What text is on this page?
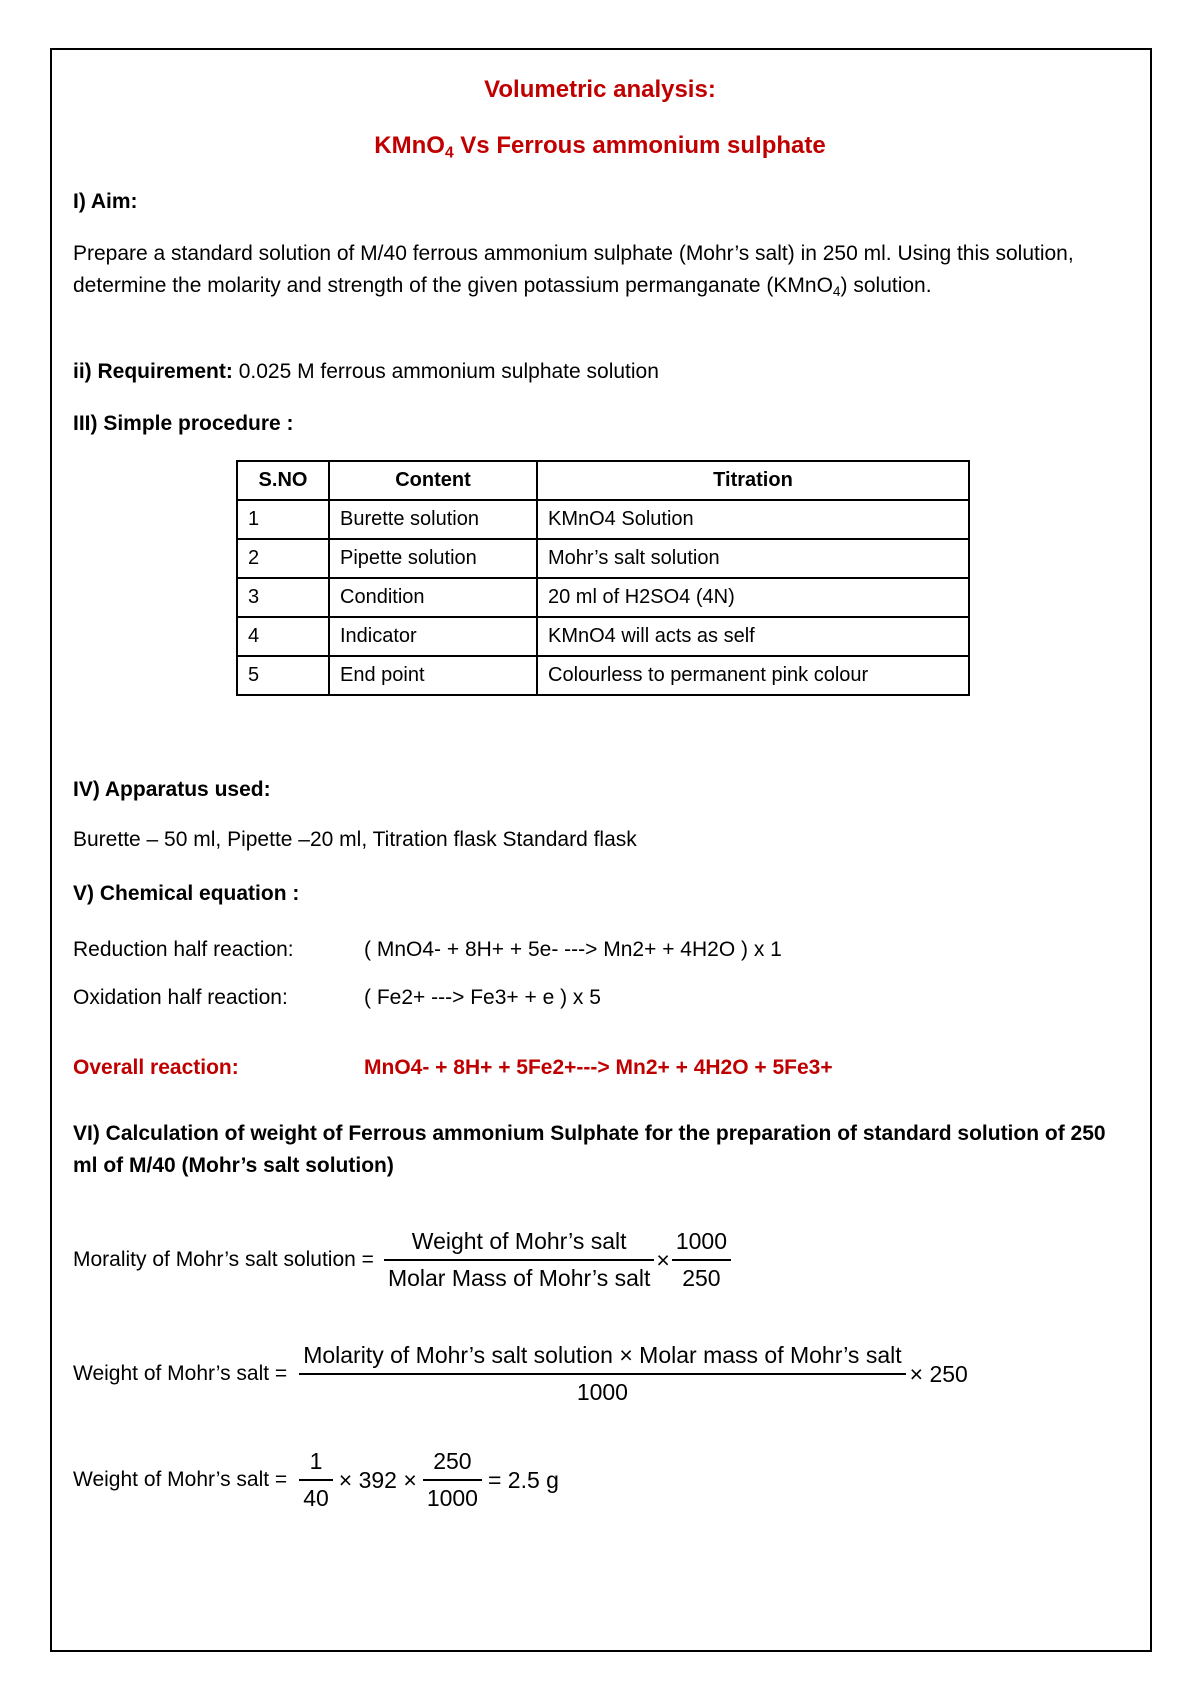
Volumetric analysis:
KMnO$_4$ Vs Ferrous ammonium sulphate
I) Aim:
Prepare a standard solution of M/40 ferrous ammonium sulphate (Mohr’s salt) in 250 ml. Using this solution, determine the molarity and strength of the given potassium permanganate (KMnO$_4$) solution.
ii) Requirement: 0.025 M ferrous ammonium sulphate solution
III) Simple procedure :
S.NO	Content	Titration
1	Burette solution	KMnO4 Solution
2	Pipette solution	Mohr’s salt solution
3	Condition	20 ml of H2SO4 (4N)
4	Indicator	KMnO4 will acts as self
5	End point	Colourless to permanent pink colour
IV) Apparatus used:
Burette – 50 ml, Pipette –20 ml, Titration flask Standard flask
V) Chemical equation :
Reduction half reaction:	( MnO4- + 8H+ + 5e- ---> Mn2+ + 4H2O ) x 1
Oxidation half reaction:	( Fe2+ ---> Fe3+ + e ) x 5
Overall reaction:	MnO4- + 8H+ + 5Fe2+---> Mn2+ + 4H2O + 5Fe3+
VI) Calculation of weight of Ferrous ammonium Sulphate for the preparation of standard solution of 250 ml of M/40 (Mohr’s salt solution)
Morality of Mohr’s salt solution = $\frac{\text{Weight of Mohr’s salt}}{\text{Molar Mass of Mohr’s salt}} \times \frac{1000}{250}$
Weight of Mohr’s salt = $\frac{\text{Molarity of Mohr’s salt solution × Molar mass of Mohr’s salt}}{1000} \times 250$
Weight of Mohr’s salt = $\frac{1}{40} \times 392 \times \frac{250}{1000} = 2.5$ g
